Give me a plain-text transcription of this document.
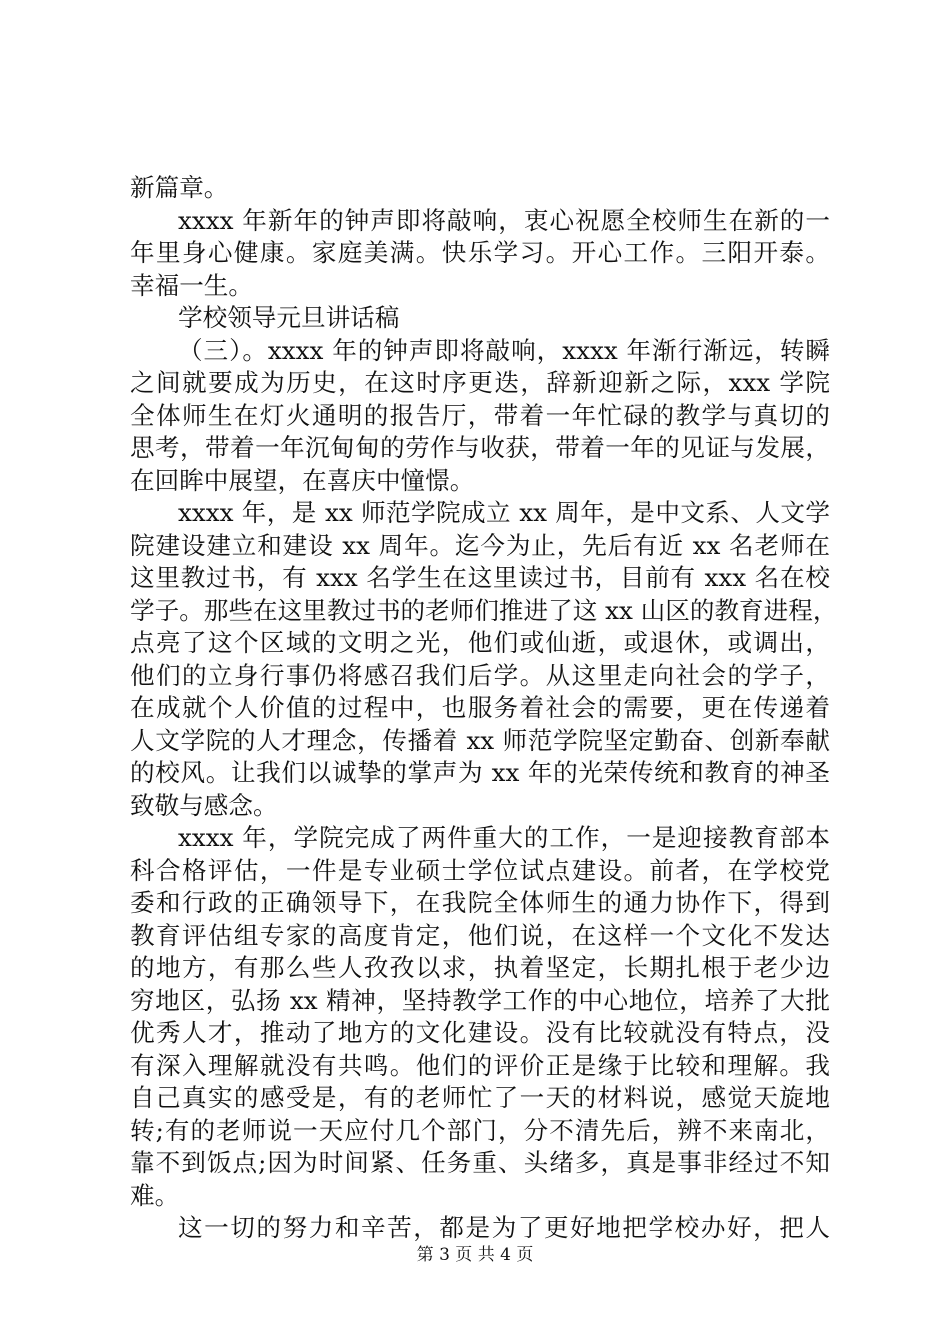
新篇章。
xxxx 年新年的钟声即将敲响，衷心祝愿全校师生在新的一
年里身心健康。家庭美满。快乐学习。开心工作。三阳开泰。
幸福一生。
学校领导元旦讲话稿
（三）。xxxx 年的钟声即将敲响，xxxx 年渐行渐远，转瞬
之间就要成为历史，在这时序更迭，辞新迎新之际，xxx 学院
全体师生在灯火通明的报告厅，带着一年忙碌的教学与真切的
思考，带着一年沉甸甸的劳作与收获，带着一年的见证与发展，
在回眸中展望，在喜庆中憧憬。
xxxx 年，是 xx 师范学院成立 xx 周年，是中文系、人文学
院建设建立和建设 xx 周年。迄今为止，先后有近 xx 名老师在
这里教过书，有 xxx 名学生在这里读过书，目前有 xxx 名在校
学子。那些在这里教过书的老师们推进了这 xx 山区的教育进程，
点亮了这个区域的文明之光，他们或仙逝，或退休，或调出，
他们的立身行事仍将感召我们后学。从这里走向社会的学子，
在成就个人价值的过程中，也服务着社会的需要，更在传递着
人文学院的人才理念，传播着 xx 师范学院坚定勤奋、创新奉献
的校风。让我们以诚挚的掌声为 xx 年的光荣传统和教育的神圣
致敬与感念。
xxxx 年，学院完成了两件重大的工作，一是迎接教育部本
科合格评估，一件是专业硕士学位试点建设。前者，在学校党
委和行政的正确领导下，在我院全体师生的通力协作下，得到
教育评估组专家的高度肯定，他们说，在这样一个文化不发达
的地方，有那么些人孜孜以求，执着坚定，长期扎根于老少边
穷地区，弘扬 xx 精神，坚持教学工作的中心地位，培养了大批
优秀人才，推动了地方的文化建设。没有比较就没有特点，没
有深入理解就没有共鸣。他们的评价正是缘于比较和理解。我
自己真实的感受是，有的老师忙了一天的材料说，感觉天旋地
转;有的老师说一天应付几个部门，分不清先后，辨不来南北，
靠不到饭点;因为时间紧、任务重、头绪多，真是事非经过不知
难。
这一切的努力和辛苦，都是为了更好地把学校办好，把人
第 3 页 共 4 页
